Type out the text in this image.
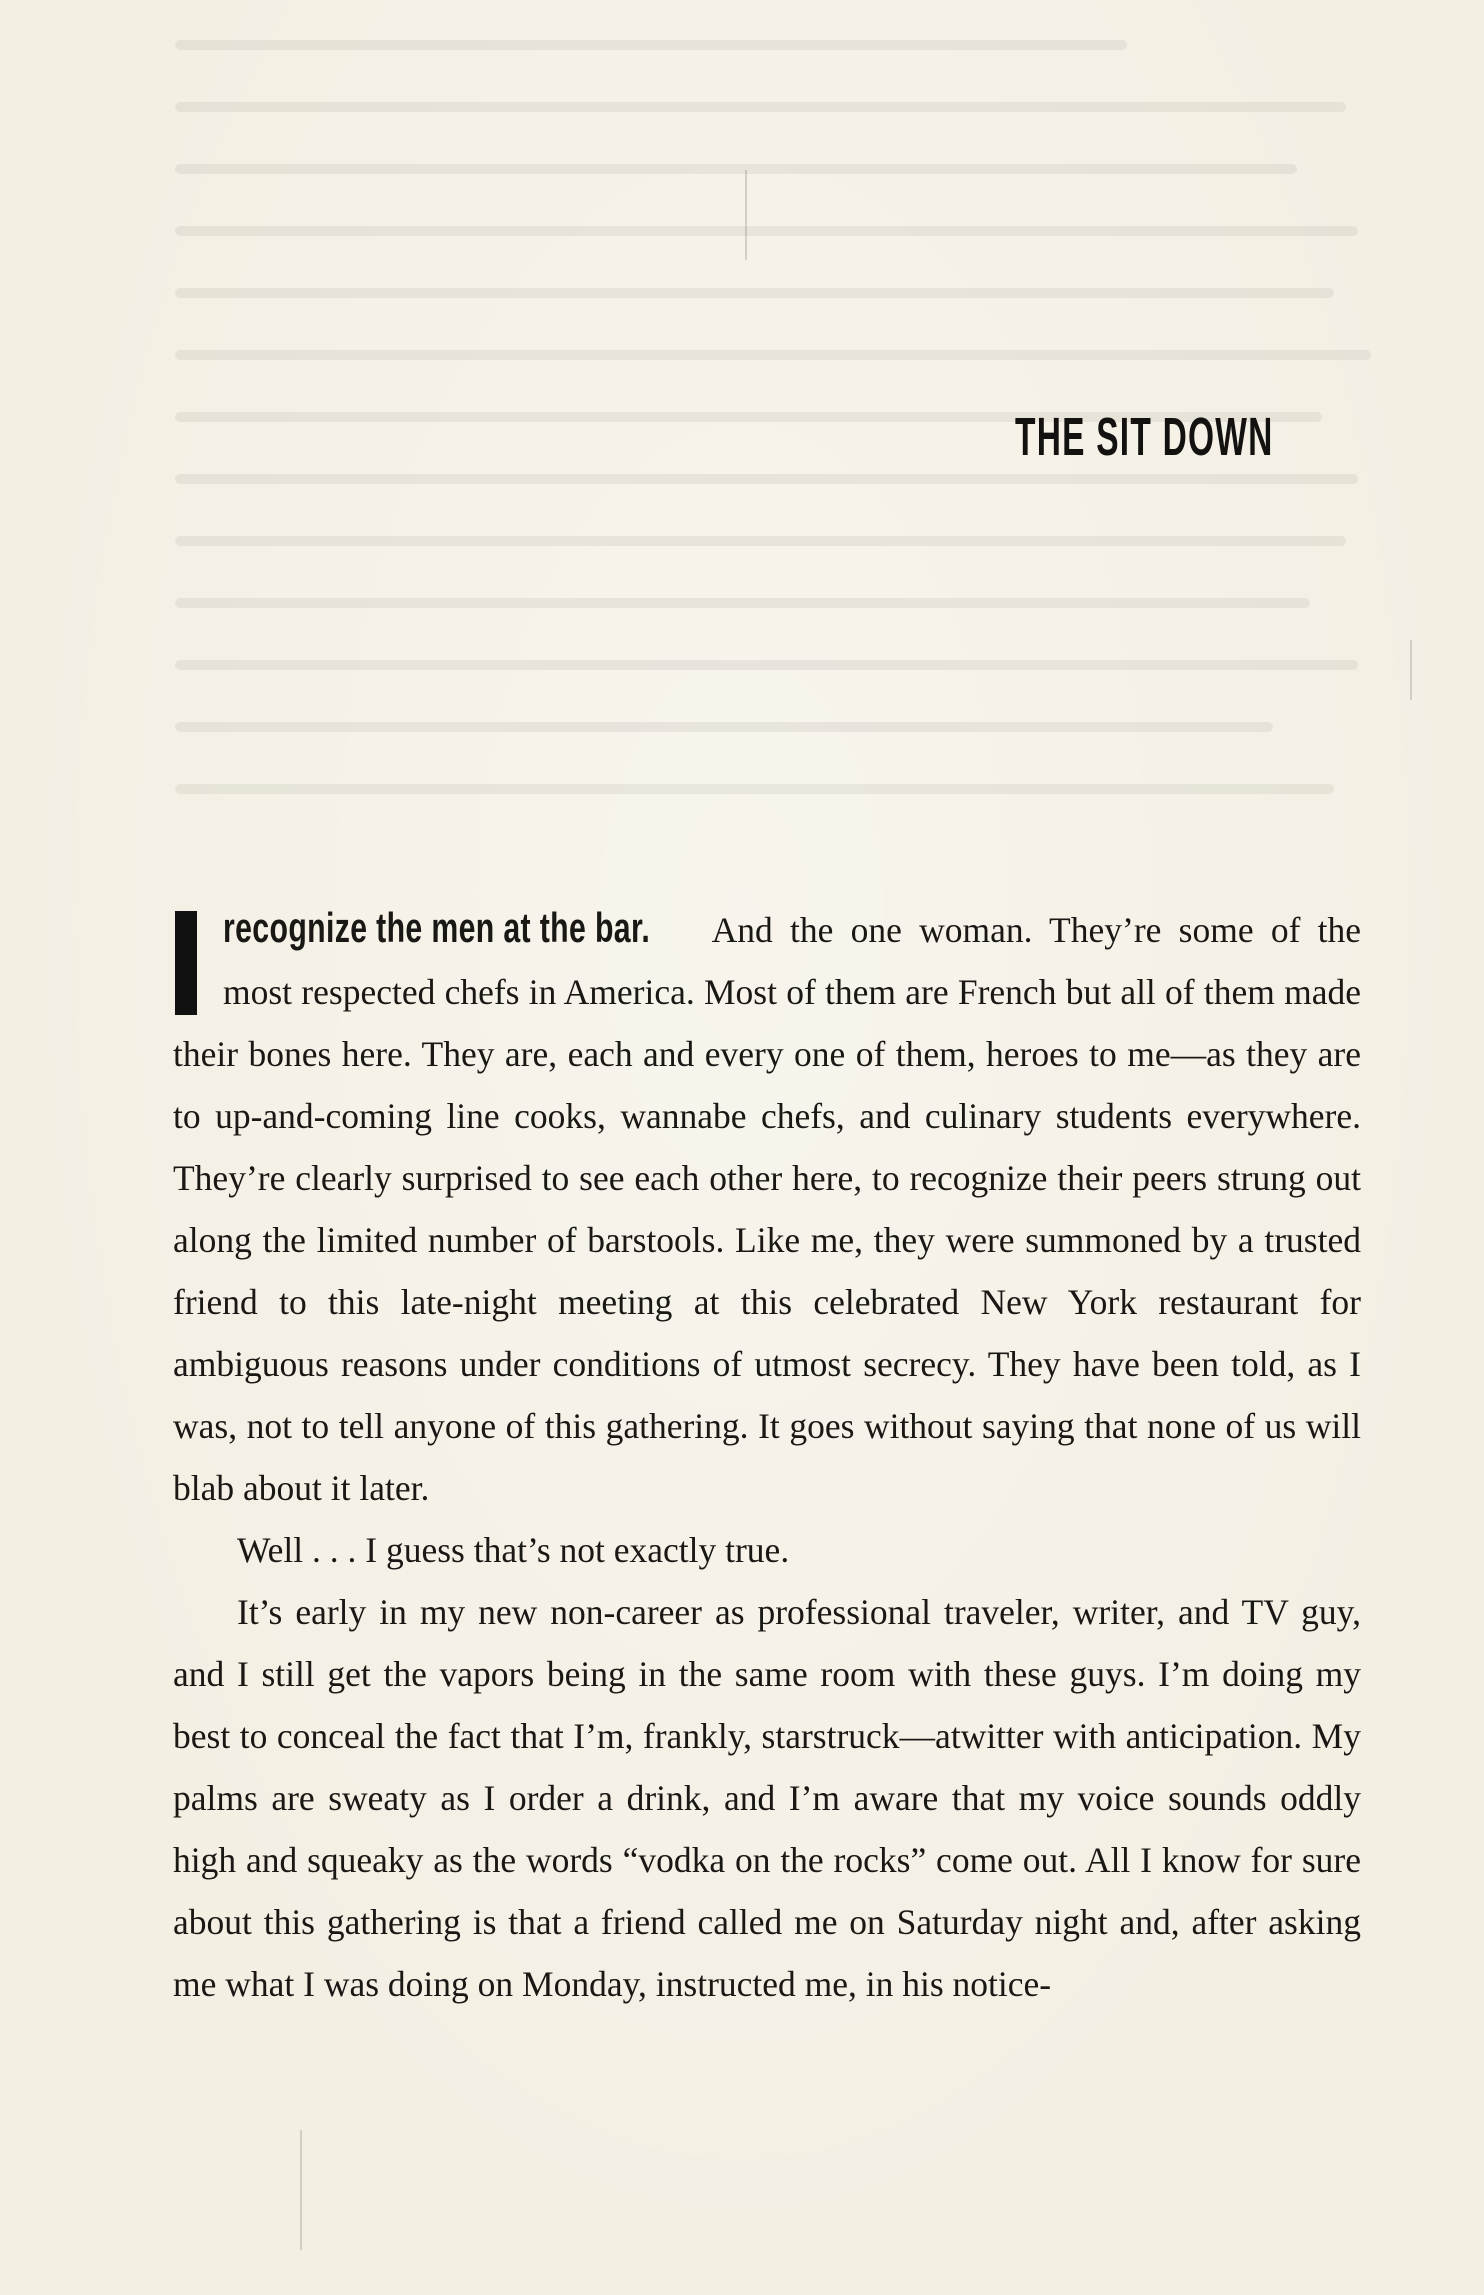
THE SIT DOWN

recognize the men at the bar. And the one woman. They’re some of the most respected chefs in America. Most of them are French but all of them made their bones here. They are, each and every one of them, heroes to me—as they are to up-and-coming line cooks, wannabe chefs, and culinary students everywhere. They’re clearly surprised to see each other here, to recognize their peers strung out along the limited number of barstools. Like me, they were summoned by a trusted friend to this late-night meeting at this celebrated New York restaurant for ambiguous reasons under conditions of utmost secrecy. They have been told, as I was, not to tell anyone of this gathering. It goes without saying that none of us will blab about it later.

Well . . . I guess that’s not exactly true.

It’s early in my new non-career as professional traveler, writer, and TV guy, and I still get the vapors being in the same room with these guys. I’m doing my best to conceal the fact that I’m, frankly, starstruck—atwitter with anticipation. My palms are sweaty as I order a drink, and I’m aware that my voice sounds oddly high and squeaky as the words “vodka on the rocks” come out. All I know for sure about this gathering is that a friend called me on Saturday night and, after asking me what I was doing on Monday, instructed me, in his notice-
